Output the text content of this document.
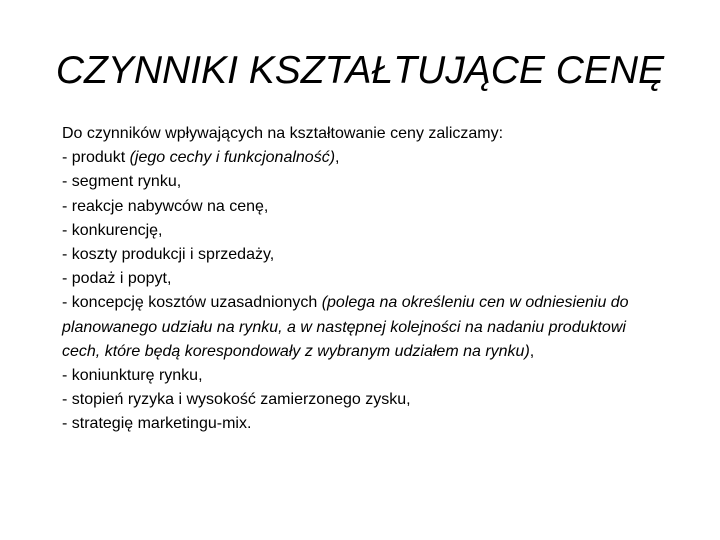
CZYNNIKI KSZTAŁTUJĄCE CENĘ
Do czynników wpływających na kształtowanie ceny zaliczamy:
- produkt (jego cechy i funkcjonalność),
- segment rynku,
- reakcje nabywców na cenę,
- konkurencję,
- koszty produkcji i sprzedaży,
- podaż i popyt,
- koncepcję kosztów uzasadnionych (polega na określeniu cen w odniesieniu do planowanego udziału na rynku, a w następnej kolejności na nadaniu produktowi cech, które będą korespondowały z wybranym udziałem na rynku),
- koniunkturę rynku,
- stopień ryzyka i wysokość zamierzonego zysku,
- strategię marketingu-mix.
